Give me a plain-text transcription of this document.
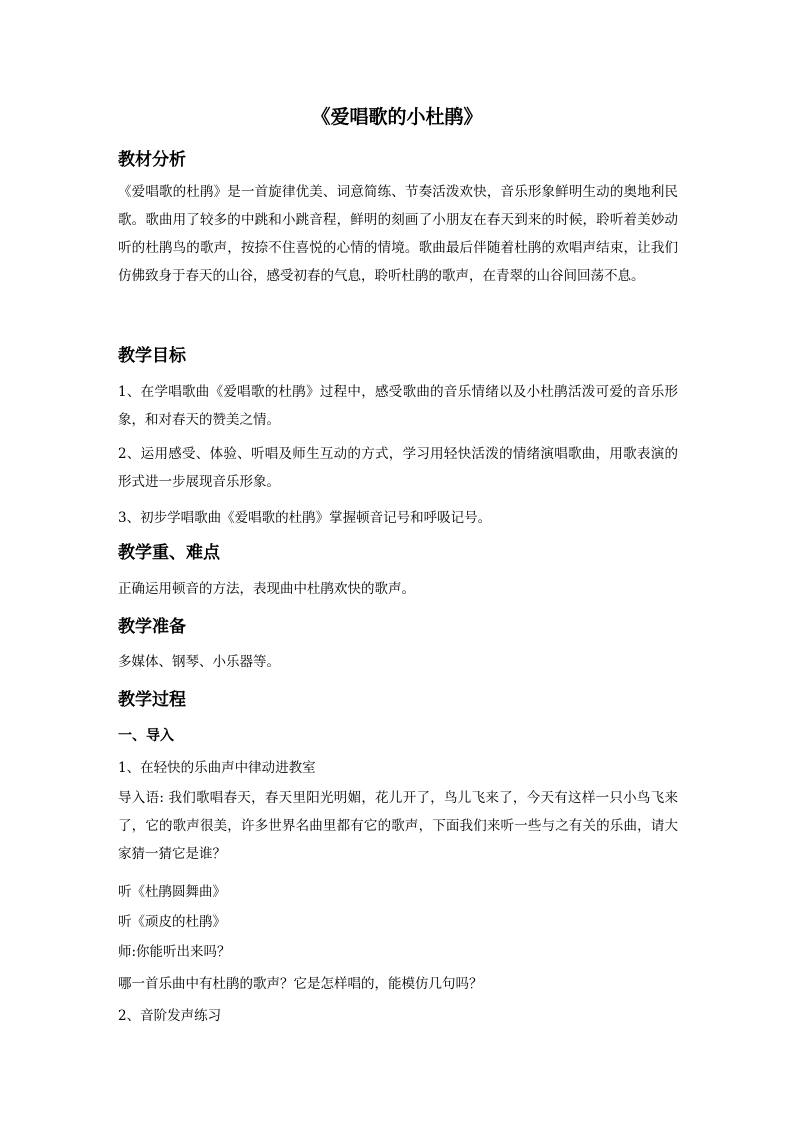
《爱唱歌的小杜鹃》
教材分析
《爱唱歌的杜鹃》是一首旋律优美、词意简练、节奏活泼欢快，音乐形象鲜明生动的奥地利民歌。歌曲用了较多的中跳和小跳音程，鲜明的刻画了小朋友在春天到来的时候，聆听着美妙动听的杜鹃鸟的歌声，按捺不住喜悦的心情的情境。歌曲最后伴随着杜鹃的欢唱声结束，让我们仿佛致身于春天的山谷，感受初春的气息，聆听杜鹃的歌声，在青翠的山谷间回荡不息。
教学目标
1、在学唱歌曲《爱唱歌的杜鹃》过程中，感受歌曲的音乐情绪以及小杜鹃活泼可爱的音乐形象，和对春天的赞美之情。
2、运用感受、体验、听唱及师生互动的方式，学习用轻快活泼的情绪演唱歌曲，用歌表演的形式进一步展现音乐形象。
3、初步学唱歌曲《爱唱歌的杜鹃》掌握顿音记号和呼吸记号。
教学重、难点
正确运用顿音的方法，表现曲中杜鹃欢快的歌声。
教学准备
多媒体、钢琴、小乐器等。
教学过程
一、导入
1、在轻快的乐曲声中律动进教室
导入语: 我们歌唱春天，春天里阳光明媚，花儿开了，鸟儿飞来了，今天有这样一只小鸟飞来了，它的歌声很美，许多世界名曲里都有它的歌声，下面我们来听一些与之有关的乐曲，请大家猜一猜它是谁？
听《杜鹃圆舞曲》
听《顽皮的杜鹃》
师:你能听出来吗？
哪一首乐曲中有杜鹃的歌声？它是怎样唱的，能模仿几句吗？
2、音阶发声练习
